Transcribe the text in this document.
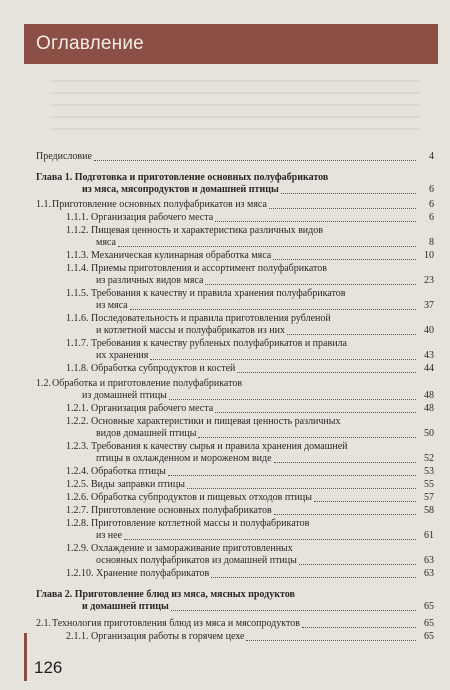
Оглавление
Предисловие	4
Глава 1. Подготовка и приготовление основных полуфабрикатов
из мяса, мясопродуктов и домашней птицы	6
1.1. Приготовление основных полуфабрикатов из мяса	6
1.1.1. Организация рабочего места	6
1.1.2. Пищевая ценность и характеристика различных видов
мяса	8
1.1.3. Механическая кулинарная обработка мяса	10
1.1.4. Приемы приготовления и ассортимент полуфабрикатов
из различных видов мяса	23
1.1.5. Требования к качеству и правила хранения полуфабрикатов
из мяса	37
1.1.6. Последовательность и правила приготовления рубленой
и котлетной массы и полуфабрикатов из них	40
1.1.7. Требования к качеству рубленых полуфабрикатов и правила
их хранения	43
1.1.8. Обработка субпродуктов и костей	44
1.2. Обработка и приготовление полуфабрикатов
из домашней птицы	48
1.2.1. Организация рабочего места	48
1.2.2. Основные характеристики и пищевая ценность различных
видов домашней птицы	50
1.2.3. Требования к качеству сырья и правила хранения домашней
птицы в охлажденном и мороженом виде	52
1.2.4. Обработка птицы	53
1.2.5. Виды заправки птицы	55
1.2.6. Обработка субпродуктов и пищевых отходов птицы	57
1.2.7. Приготовление основных полуфабрикатов	58
1.2.8. Приготовление котлетной массы и полуфабрикатов
из нее	61
1.2.9. Охлаждение и замораживание приготовленных
основных полуфабрикатов из домашней птицы	63
1.2.10. Хранение полуфабрикатов	63
Глава 2. Приготовление блюд из мяса, мясных продуктов
и домашней птицы	65
2.1. Технология приготовления блюд из мяса и мясопродуктов	65
2.1.1. Организация работы в горячем цехе	65
126
